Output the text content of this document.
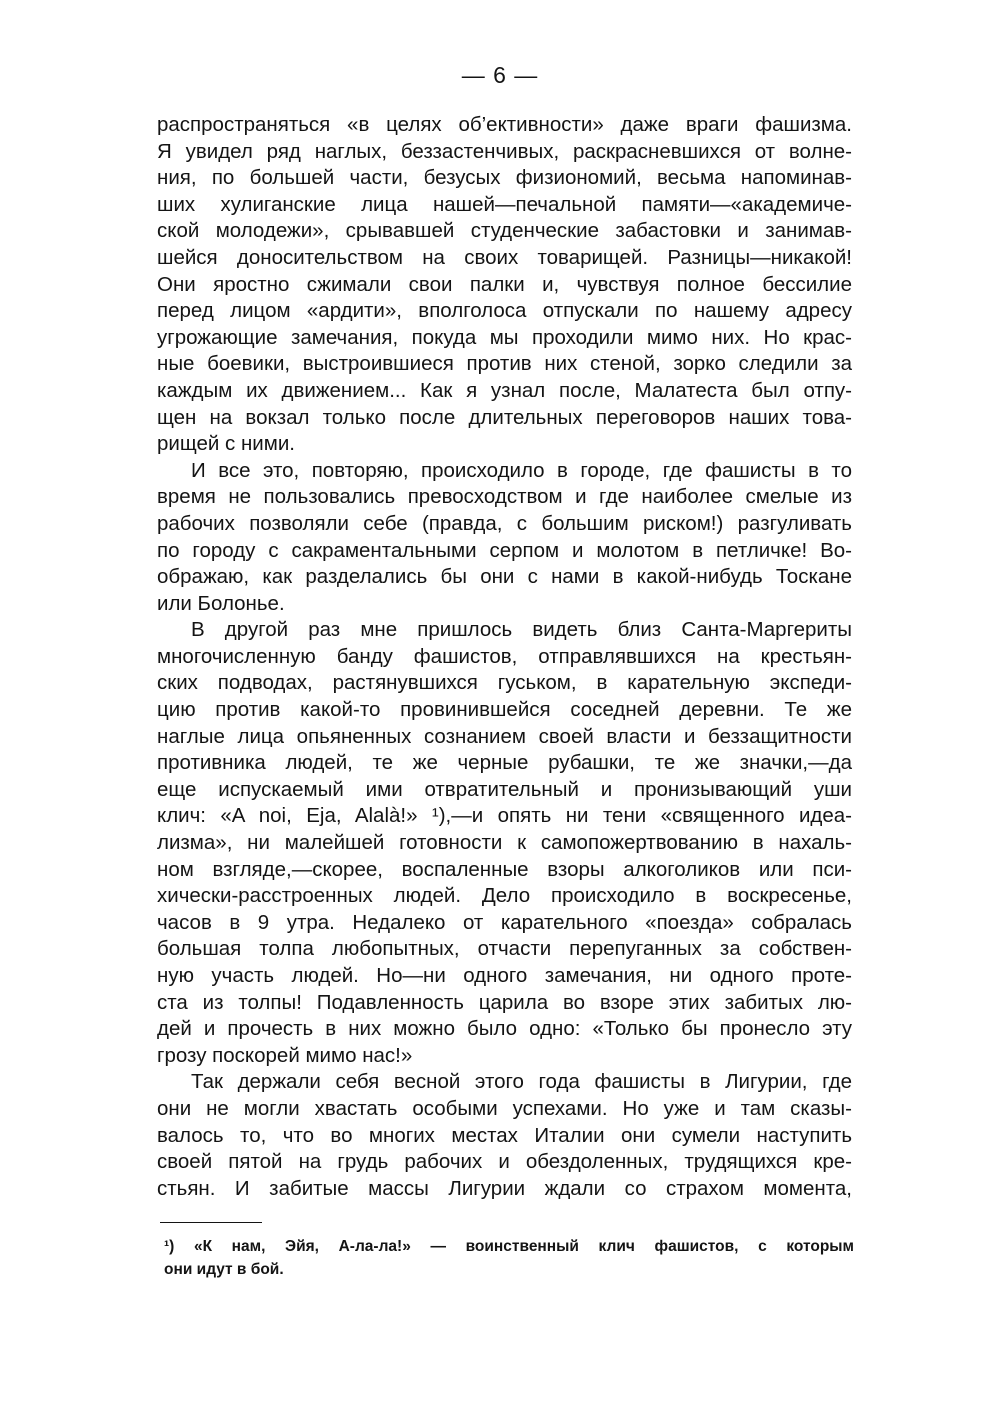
— 6 —

распространяться «в целях об’ективности» даже враги фашизма.
Я увидел ряд наглых, беззастенчивых, раскрасневшихся от волне-
ния, по большей части, безусых физиономий, весьма напоминав-
ших хулиганские лица нашей—печальной памяти—«академиче-
ской молодежи», срывавшей студенческие забастовки и занимав-
шейся доносительством на своих товарищей. Разницы—никакой!
Они яростно сжимали свои палки и, чувствуя полное бессилие
перед лицом «ардити», вполголоса отпускали по нашему адресу
угрожающие замечания, покуда мы проходили мимо них. Но крас-
ные боевики, выстроившиеся против них стеной, зорко следили за
каждым их движением... Как я узнал после, Малатеста был отпу-
щен на вокзал только после длительных переговоров наших това-
рищей с ними.

И все это, повторяю, происходило в городе, где фашисты в то
время не пользовались превосходством и где наиболее смелые из
рабочих позволяли себе (правда, с большим риском!) разгуливать
по городу с сакраментальными серпом и молотом в петличке! Во-
ображаю, как разделались бы они с нами в какой-нибудь Тоскане
или Болонье.

В другой раз мне пришлось видеть близ Санта-Маргериты
многочисленную банду фашистов, отправлявшихся на крестьян-
ских подводах, растянувшихся гуськом, в карательную экспеди-
цию против какой-то провинившейся соседней деревни. Те же
наглые лица опьяненных сознанием своей власти и беззащитности
противника людей, те же черные рубашки, те же значки,—да
еще испускаемый ими отвратительный и пронизывающий уши
клич: «A noi, Eja, Alalà!» ¹),—и опять ни тени «священного идеа-
лизма», ни малейшей готовности к самопожертвованию в нахаль-
ном взгляде,—скорее, воспаленные взоры алкоголиков или пси-
хически-расстроенных людей. Дело происходило в воскресенье,
часов в 9 утра. Недалеко от карательного «поезда» собралась
большая толпа любопытных, отчасти перепуганных за собствен-
ную участь людей. Но—ни одного замечания, ни одного проте-
ста из толпы! Подавленность царила во взоре этих забитых лю-
дей и прочесть в них можно было одно: «Только бы пронесло эту
грозу поскорей мимо нас!»

Так держали себя весной этого года фашисты в Лигурии, где
они не могли хвастать особыми успехами. Но уже и там сказы-
валось то, что во многих местах Италии они сумели наступить
своей пятой на грудь рабочих и обездоленных, трудящихся кре-
стьян. И забитые массы Лигурии ждали со страхом момента,

¹) «К нам, Эйя, А-ла-ла!» — воинственный клич фашистов, с которым
они идут в бой.
